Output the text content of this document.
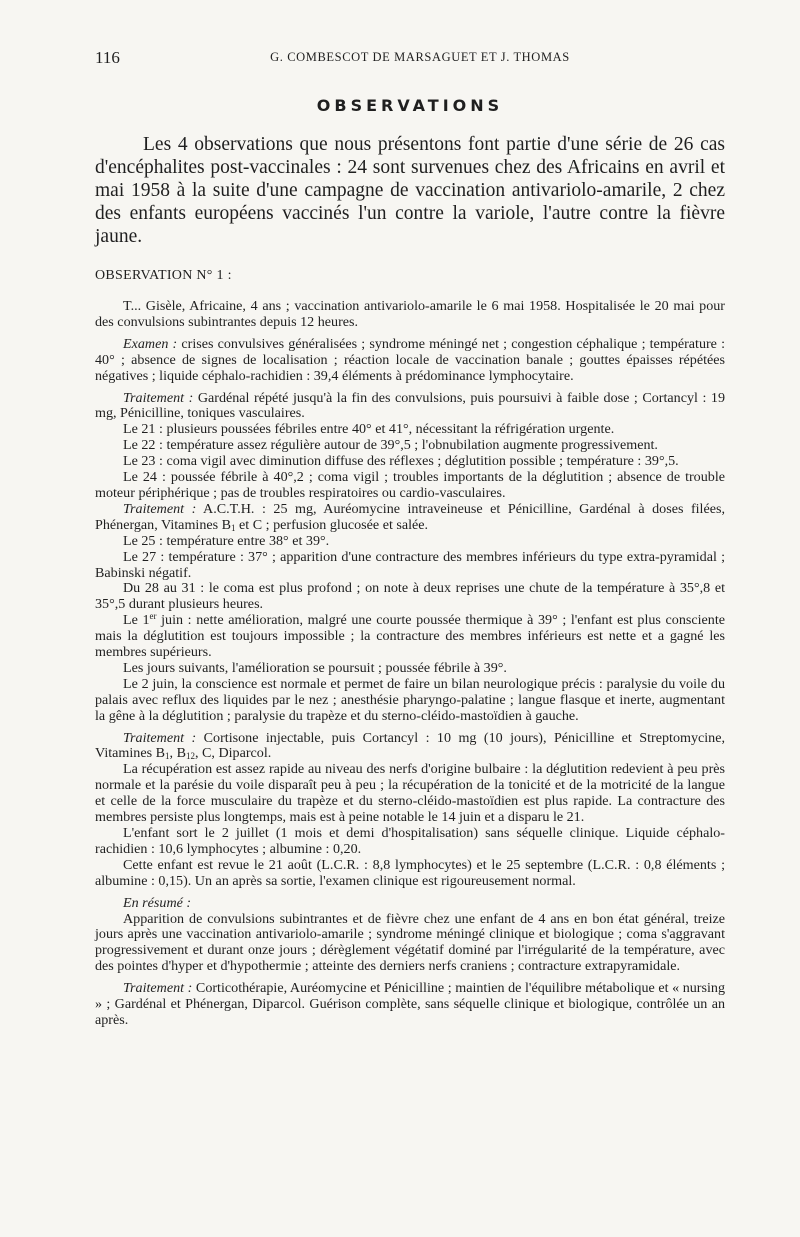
116	G. COMBESCOT DE MARSAGUET ET J. THOMAS
OBSERVATIONS
Les 4 observations que nous présentons font partie d'une série de 26 cas d'encéphalites post-vaccinales : 24 sont survenues chez des Africains en avril et mai 1958 à la suite d'une campagne de vaccination antivariolo-amarile, 2 chez des enfants européens vaccinés l'un contre la variole, l'autre contre la fièvre jaune.
OBSERVATION N° 1 :

T... Gisèle, Africaine, 4 ans ; vaccination antivariolo-amarile le 6 mai 1958. Hospitalisée le 20 mai pour des convulsions subintrantes depuis 12 heures.

Examen : crises convulsives généralisées ; syndrome méningé net ; congestion céphalique ; température : 40° ; absence de signes de localisation ; réaction locale de vaccination banale ; gouttes épaisses répétées négatives ; liquide céphalo-rachidien : 39,4 éléments à prédominance lymphocytaire.

Traitement : Gardénal répété jusqu'à la fin des convulsions, puis poursuivi à faible dose ; Cortancyl : 19 mg, Pénicilline, toniques vasculaires.

Le 21 : plusieurs poussées fébriles entre 40° et 41°, nécessitant la réfrigération urgente.

Le 22 : température assez régulière autour de 39°,5 ; l'obnubilation augmente progressivement.

Le 23 : coma vigil avec diminution diffuse des réflexes ; déglutition possible ; température : 39°,5.

Le 24 : poussée fébrile à 40°,2 ; coma vigil ; troubles importants de la déglutition ; absence de trouble moteur périphérique ; pas de troubles respiratoires ou cardio-vasculaires.

Traitement : A.C.T.H. : 25 mg, Auréomycine intraveineuse et Pénicilline, Gardénal à doses filées, Phénergan, Vitamines $B_1$ et C ; perfusion glucosée et salée.

Le 25 : température entre 38° et 39°.

Le 27 : température : 37° ; apparition d'une contracture des membres inférieurs du type extra-pyramidal ; Babinski négatif.

Du 28 au 31 : le coma est plus profond ; on note à deux reprises une chute de la température à 35°,8 et 35°,5 durant plusieurs heures.

Le 1er juin : nette amélioration, malgré une courte poussée thermique à 39° ; l'enfant est plus consciente mais la déglutition est toujours impossible ; la contracture des membres inférieurs est nette et a gagné les membres supérieurs.

Les jours suivants, l'amélioration se poursuit ; poussée fébrile à 39°.

Le 2 juin, la conscience est normale et permet de faire un bilan neurologique précis : paralysie du voile du palais avec reflux des liquides par le nez ; anesthésie pharyngo-palatine ; langue flasque et inerte, augmentant la gêne à la déglutition ; paralysie du trapèze et du sterno-cléido-mastoïdien à gauche.

Traitement : Cortisone injectable, puis Cortancyl : 10 mg (10 jours), Pénicilline et Streptomycine, Vitamines $B_1$, $B_{12}$, C, Diparcol.

La récupération est assez rapide au niveau des nerfs d'origine bulbaire : la déglutition redevient à peu près normale et la parésie du voile disparaît peu à peu ; la récupération de la tonicité et de la motricité de la langue et celle de la force musculaire du trapèze et du sterno-cléido-mastoïdien est plus rapide. La contracture des membres persiste plus longtemps, mais est à peine notable le 14 juin et a disparu le 21.

L'enfant sort le 2 juillet (1 mois et demi d'hospitalisation) sans séquelle clinique. Liquide céphalo-rachidien : 10,6 lymphocytes ; albumine : 0,20.

Cette enfant est revue le 21 août (L.C.R. : 8,8 lymphocytes) et le 25 septembre (L.C.R. : 0,8 éléments ; albumine : 0,15). Un an après sa sortie, l'examen clinique est rigoureusement normal.

En résumé :

Apparition de convulsions subintrantes et de fièvre chez une enfant de 4 ans en bon état général, treize jours après une vaccination antivariolo-amarile ; syndrome méningé clinique et biologique ; coma s'aggravant progressivement et durant onze jours ; dérèglement végétatif dominé par l'irrégularité de la température, avec des pointes d'hyper et d'hypothermie ; atteinte des derniers nerfs craniens ; contracture extrapyramidale.

Traitement : Corticothérapie, Auréomycine et Pénicilline ; maintien de l'équilibre métabolique et « nursing » ; Gardénal et Phénergan, Diparcol. Guérison complète, sans séquelle clinique et biologique, contrôlée un an après.
